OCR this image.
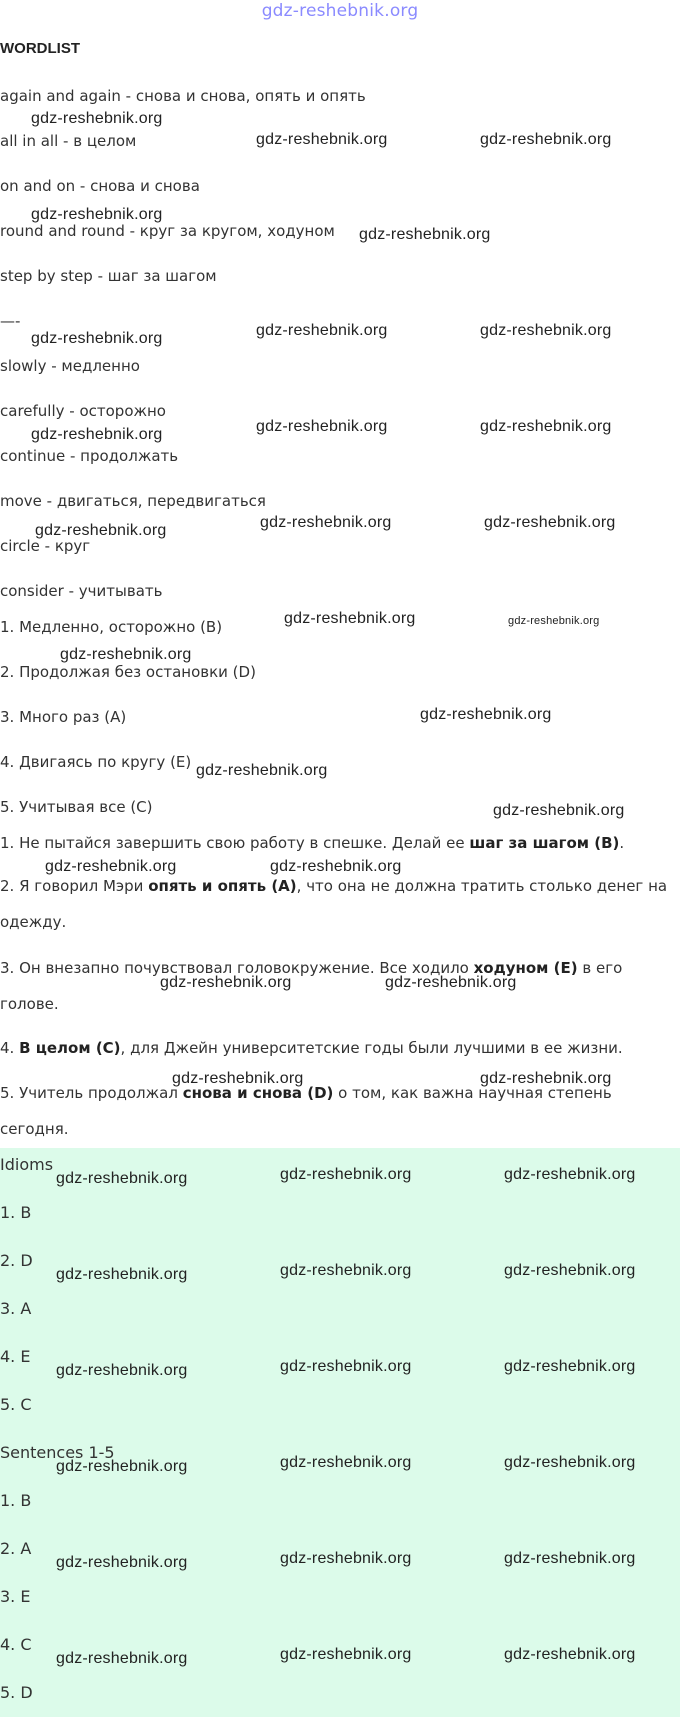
gdz-reshebnik.org
WORDLIST
again and again - снова и снова, опять и опять
all in all - в целом
on and on - снова и снова
round and round - круг за кругом, ходуном
step by step - шаг за шагом
—-
slowly - медленно
carefully - осторожно
continue - продолжать
move - двигаться, передвигаться
circle - круг
consider - учитывать
1. Медленно, осторожно (В)
2. Продолжая без остановки (D)
3. Много раз (А)
4. Двигаясь по кругу (Е)
5. Учитывая все (С)
1. Не пытайся завершить свою работу в спешке. Делай ее шаг за шагом (В).
2. Я говорил Мэри опять и опять (А), что она не должна тратить столько денег на одежду.
3. Он внезапно почувствовал головокружение. Все ходило ходуном (Е) в его голове.
4. В целом (С), для Джейн университетские годы были лучшими в ее жизни.
5. Учитель продолжал снова и снова (D) о том, как важна научная степень сегодня.
Idioms
1. B
2. D
3. A
4. E
5. C
Sentences 1-5
1. B
2. A
3. E
4. C
5. D
gdz-reshebnik.org
gdz-reshebnik.org	gdz-reshebnik.org
gdz-reshebnik.org
gdz-reshebnik.org
gdz-reshebnik.org	gdz-reshebnik.org	gdz-reshebnik.org
gdz-reshebnik.org	gdz-reshebnik.org	gdz-reshebnik.org
gdz-reshebnik.org	gdz-reshebnik.org	gdz-reshebnik.org
gdz-reshebnik.org	gdz-reshebnik.org
gdz-reshebnik.org
gdz-reshebnik.org
gdz-reshebnik.org
gdz-reshebnik.org
gdz-reshebnik.org	gdz-reshebnik.org
gdz-reshebnik.org	gdz-reshebnik.org
gdz-reshebnik.org	gdz-reshebnik.org
gdz-reshebnik.org	gdz-reshebnik.org	gdz-reshebnik.org
gdz-reshebnik.org	gdz-reshebnik.org	gdz-reshebnik.org
gdz-reshebnik.org	gdz-reshebnik.org	gdz-reshebnik.org
gdz-reshebnik.org	gdz-reshebnik.org	gdz-reshebnik.org
gdz-reshebnik.org	gdz-reshebnik.org	gdz-reshebnik.org
gdz-reshebnik.org	gdz-reshebnik.org	gdz-reshebnik.org
